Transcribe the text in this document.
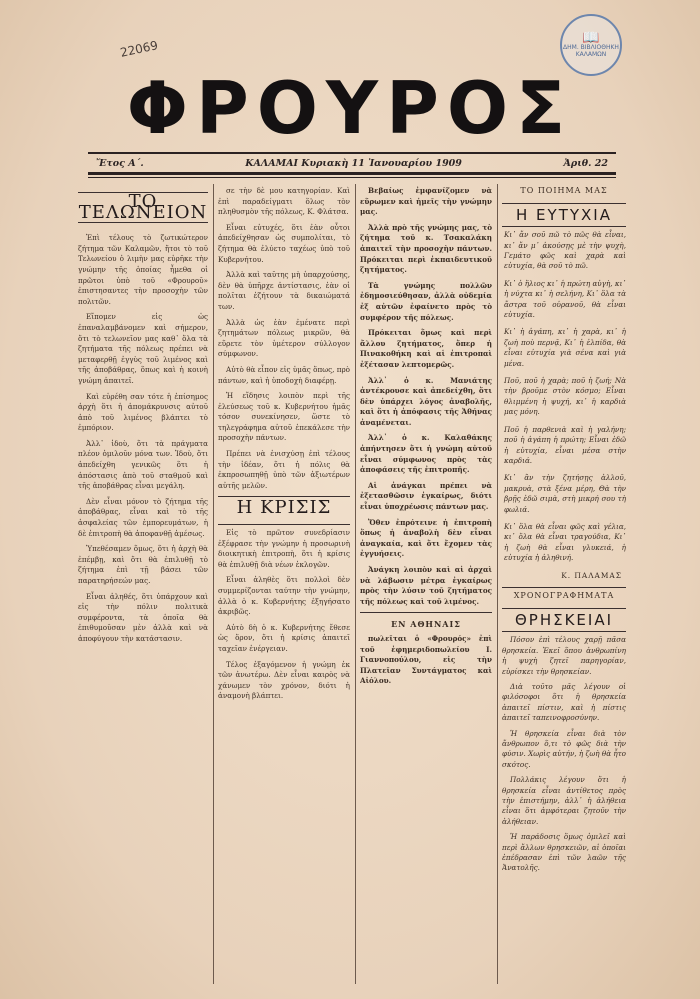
22069
📖
ΔΗΜ. ΒΙΒΛΙΟΘΗΚΗ ΚΑΛΑΜΩΝ
ΦΡΟΥΡΟΣ
Ἔτος Α΄.	ΚΑΛΑΜΑΙ Κυριακὴ 11 Ἰανουαρίου 1909	Ἀριθ. 22
ΤΟ ΤΕΛΩΝΕΙΟΝ

Ἐπὶ τέλους τὸ ζωτικώτερον ζήτημα τῶν Καλαμῶν, ἤτοι τὸ τοῦ Τελωνείου ὁ λιμὴν μας εὑρῆκε τὴν γνώμην τῆς ὁποίας ἦμεθα οἱ πρῶτοι ὑπὸ τοῦ «Φρουροῦ» ἐπιστησαντες τὴν προσοχὴν τῶν πολιτῶν.

Εἴπομεν εἰς ὡς ἐπαναλαμβάνομεν καὶ σήμερον, ὅτι τὸ τελωνεῖον μας καθ᾽ ὅλα τὰ ζητήματα τῆς πόλεως πρέπει νὰ μεταφερθῇ ἐγγὺς τοῦ λιμένος καὶ τῆς ἀποβάθρας, ὅπως καὶ ἡ κοινὴ γνώμη ἀπαιτεῖ.

Καὶ εὑρέθη σαν τότε ἡ ἐπίσημος ἀρχὴ ὅτι ἡ ἀπομάκρυνσις αὐτοῦ ἀπὸ τοῦ λιμένος βλάπτει τὸ ἐμπόριον.

Ἀλλ᾽ ἰδοὺ, ὅτι τὰ πράγματα πλέον ὁμιλοῦν μόνα των. Ἰδοὺ, ὅτι ἀπεδείχθη γενικῶς ὅτι ἡ ἀπόστασις ἀπὸ τοῦ σταθμοῦ καὶ τῆς ἀποβάθρας εἶναι μεγάλη.

Δὲν εἶναι μόνον τὸ ζήτημα τῆς ἀποβάθρας, εἶναι καὶ τὸ τῆς ἀσφαλείας τῶν ἐμπορευμάτων, ἡ δὲ ἐπιτροπὴ θὰ ἀποφανθῇ ἀμέσως.

Ὑπεθέσαμεν ὅμως, ὅτι ἡ ἀρχὴ θὰ ἐπέμβῃ, καὶ ὅτι θὰ ἐπιλυθῇ τὸ ζήτημα ἐπὶ τῇ βάσει τῶν παρατηρήσεών μας.

Εἶναι ἀληθές, ὅτι ὑπάρχουν καὶ εἰς τὴν πόλιν πολιτικὰ συμφέροντα, τὰ ὁποῖα θὰ ἐπιθυμοῦσαν μὲν ἀλλὰ καὶ νὰ ἀποφύγουν τὴν κατάστασιν.

σε τὴν δὲ μου κατηγορίαν. Καὶ ἐπὶ παραδείγματι ὅλως τὸν πληθυσμὸν τῆς πόλεως, Κ. Φλάτσα.

Εἶναι εὐτυχές, ὅτι ἐὰν οὗτοι ἀπεδείχθησαν ὡς συμπολίται, τὸ ζήτημα θὰ ἐλύετο ταχέως ὑπὸ τοῦ Κυβερνήτου.

Ἀλλὰ καὶ ταῦτης μὴ ὑπαρχούσης, δὲν θὰ ὑπῆρχε ἀντίστασις, ἐὰν οἱ πολῖται ἐζήτουν τὰ δικαιώματά των.

Ἀλλὰ ὡς ἐὰν ἐμένατε περὶ ζητημάτων πόλεως μικρῶν, θὰ εὕρετε τὸν ὑμέτερον σύλλογον σύμφωνον.

Αὐτὸ θὰ εἶπον εἰς ὑμᾶς ὅπως, πρὸ πάντων, καὶ ἡ ὑποδοχὴ διαφέρῃ.

Ἡ εἴδησις λοιπὸν περὶ τῆς ἐλεύσεως τοῦ κ. Κυβερνήτου ἡμᾶς τόσον συνεκίνησεν, ὥστε τὸ τηλεγράφημα αὐτοῦ ἐπεκάλεσε τὴν προσοχὴν πάντων.

Πρέπει νὰ ἐνισχύσῃ ἐπὶ τέλους τὴν ἰδέαν, ὅτι ἡ πόλις θὰ ἐκπροσωπηθῇ ὑπὸ τῶν ἀξιωτέρων αὐτῆς μελῶν.

Η ΚΡΙΣΙΣ

Εἰς τὸ πρῶτον συνεδρίασιν ἐξέφρασε τὴν γνώμην ἡ προσωρινὴ διοικητικὴ ἐπιτροπὴ, ὅτι ἡ κρίσις θὰ ἐπιλυθῇ διὰ νέων ἐκλογῶν.

Εἶναι ἀληθὲς ὅτι πολλοὶ δὲν συμμερίζονται ταύτην τὴν γνώμην, ἀλλὰ ὁ κ. Κυβερνήτης ἐξηγήσατο ἀκριβῶς.

Αὐτὸ δὴ ὁ κ. Κυβερνήτης ἔθεσε ὡς ὅρον, ὅτι ἡ κρίσις ἀπαιτεῖ ταχεῖαν ἐνέργειαν.

Τέλος ἐξαγόμενον ἡ γνώμη ἐκ τῶν ἀνωτέρω. Δὲν εἶναι καιρὸς νὰ χάνωμεν τὸν χρόνον, διότι ἡ ἀναμονὴ βλάπτει.

Βεβαίως ἐμφανίζομεν νὰ εὕρωμεν καὶ ἡμεῖς τὴν γνώμην μας.

Ἀλλὰ πρὸ τῆς γνώμης μας, τὸ ζήτημα τοῦ κ. Τσακαλάκη ἀπαιτεῖ τὴν προσοχὴν πάντων. Πρόκειται περὶ ἐκπαιδευτικοῦ ζητήματος.

Τὰ γνώμης πολλῶν ἐδημοσιεύθησαν, ἀλλὰ οὐδεμία ἐξ αὐτῶν ἐφαίνετο πρὸς τὸ συμφέρον τῆς πόλεως.

Πρόκειται ὅμως καὶ περὶ ἄλλου ζητήματος, ὅπερ ἡ Πινακοθήκη καὶ αἱ ἐπιτροπαὶ ἐξέτασαν λεπτομερῶς.

Ἀλλ᾽ ὁ κ. Μανιάτης ἀντέκρουσε καὶ ἀπεδείχθη, ὅτι δὲν ὑπάρχει λόγος ἀναβολῆς, καὶ ὅτι ἡ ἀπόφασις τῆς Ἀθήνας ἀναμένεται.

Ἀλλ᾽ ὁ κ. Καλαθάκης ἀπήντησεν ὅτι ἡ γνώμη αὐτοῦ εἶναι σύμφωνος πρὸς τὰς ἀποφάσεις τῆς ἐπιτροπῆς.

Αἱ ἀνάγκαι πρέπει νὰ ἐξετασθῶσιν ἐγκαίρως, διότι εἶναι ὑποχρέωσις πάντων μας.

Ὅθεν ἐπρότεινε ἡ ἐπιτροπὴ ὅπως ἡ ἀναβολὴ δὲν εἶναι ἀναγκαία, καὶ ὅτι ἔχομεν τὰς ἐγγυήσεις.

Ἀνάγκη λοιπὸν καὶ αἱ ἀρχαὶ νὰ λάβωσιν μέτρα ἐγκαίρως πρὸς τὴν λύσιν τοῦ ζητήματος τῆς πόλεως καὶ τοῦ λιμένος.

ΕΝ ΑΘΗΝΑΙΣ

πωλεῖται ὁ «Φρουρός» ἐπὶ τοῦ ἐφημεριδοπωλείου Ι. Γιαννοπούλου, εἰς τὴν Πλατεῖαν Συντάγματος καὶ Αἰόλου.

ΤΟ ΠΟΙΗΜΑ ΜΑΣ
Η ΕΥΤΥΧΙΑ
Κι᾽ ἄν σοῦ πῶ τὸ πῶς θὰ εἶναι, κι᾽ ἄν μ᾽ ἀκούσῃς μὲ τὴν ψυχὴ, Γεμάτο φῶς καὶ χαρὰ καὶ εὐτυχία, θὰ σοῦ τὸ πῶ.
Κι᾽ ὁ ἥλιος κι᾽ ἡ πρώτη αὐγὴ, κι᾽ ἡ νύχτα κι᾽ ἡ σελήνη, Κι᾽ ὅλα τὰ ἄστρα τοῦ οὐρανοῦ, θὰ εἶναι εὐτυχία.
Κι᾽ ἡ ἀγάπη, κι᾽ ἡ χαρὰ, κι᾽ ἡ ζωὴ ποὺ περνᾷ, Κι᾽ ἡ ἐλπίδα, θὰ εἶναι εὐτυχία γιὰ σένα καὶ γιὰ μένα.
Ποῦ, ποῦ ἡ χαρὰ; ποῦ ἡ ζωή; Νὰ τὴν βροῦμε στὸν κόσμο; Εἶναι θλιμμένη ἡ ψυχή, κι᾽ ἡ καρδιὰ μας μόνη.
Ποῦ ἡ παρθενιὰ καὶ ἡ γαλήνη; ποῦ ἡ ἀγάπη ἡ πρώτη; Εἶναι ἐδῶ ἡ εὐτυχία, εἶναι μέσα στὴν καρδιά.
Κι᾽ ἂν τὴν ζητήσῃς ἀλλοῦ, μακρυὰ, στὰ ξένα μέρη, Θὰ τὴν βρῇς ἐδῶ σιμὰ, στὴ μικρή σου τὴ φωλιά.
Κι᾽ ὅλα θὰ εἶναι φῶς καὶ γέλια, κι᾽ ὅλα θὰ εἶναι τραγούδια, Κι᾽ ἡ ζωὴ θὰ εἶναι γλυκειά, ἡ εὐτυχία ἡ ἀληθινή.
Κ. ΠΑΛΑΜΑΣ
ΧΡΟΝΟΓΡΑΦΗΜΑΤΑ
ΘΡΗΣΚΕΙΑΙ

Πόσον ἐπὶ τέλους χαρῇ πᾶσα θρησκεία. Ἐκεῖ ὅπου ἀνθρωπίνη ἡ ψυχὴ ζητεῖ παρηγορίαν, εὑρίσκει τὴν θρησκείαν.

Διὰ τοῦτο μᾶς λέγουν οἱ φιλόσοφοι ὅτι ἡ θρησκεία ἀπαιτεῖ πίστιν, καὶ ἡ πίστις ἀπαιτεῖ ταπεινοφροσύνην.

Ἡ θρησκεία εἶναι διὰ τὸν ἄνθρωπον ὅ,τι τὸ φῶς διὰ τὴν φύσιν. Χωρὶς αὐτήν, ἡ ζωὴ θὰ ἦτο σκότος.

Πολλάκις λέγουν ὅτι ἡ θρησκεία εἶναι ἀντίθετος πρὸς τὴν ἐπιστήμην, ἀλλ᾽ ἡ ἀλήθεια εἶναι ὅτι ἀμφότεραι ζητοῦν τὴν ἀλήθειαν.

Ἡ παράδοσις ὅμως ὁμιλεῖ καὶ περὶ ἄλλων θρησκειῶν, αἱ ὁποῖαι ἐπέδρασαν ἐπὶ τῶν λαῶν τῆς Ἀνατολῆς.
